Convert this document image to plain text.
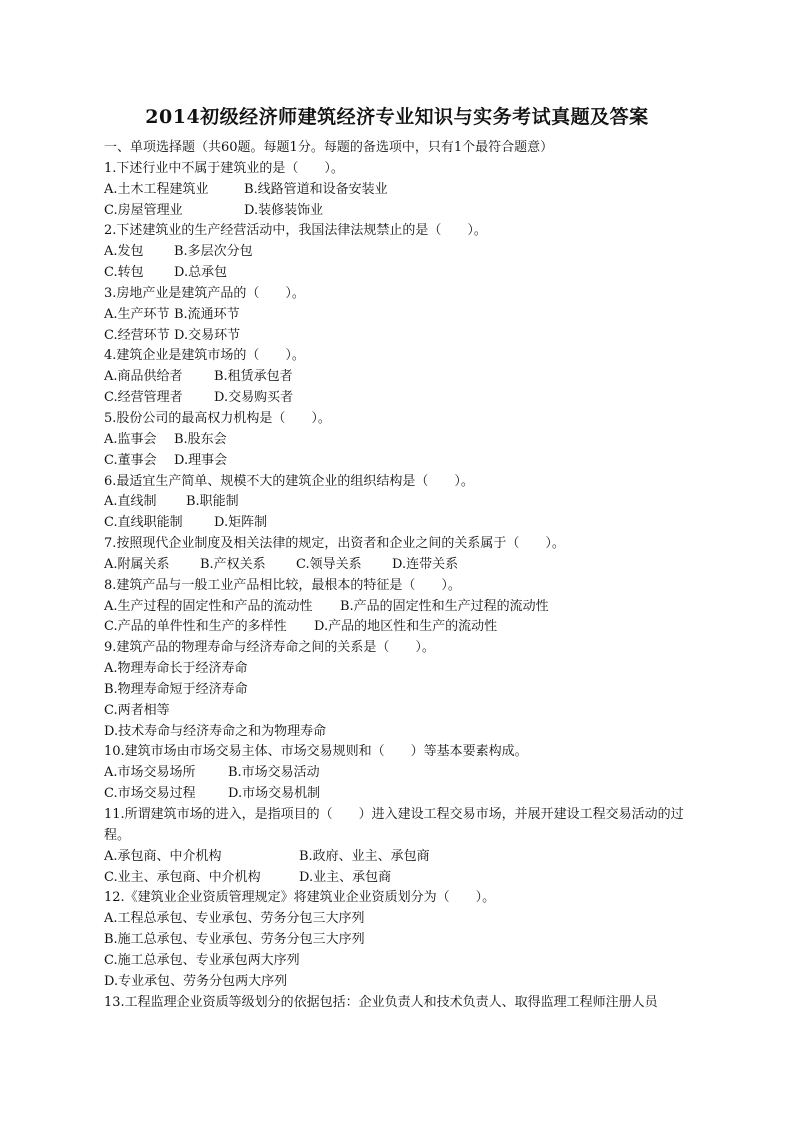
2014初级经济师建筑经济专业知识与实务考试真题及答案
一、单项选择题（共60题。每题1分。每题的备选项中，只有1个最符合题意）
1.下述行业中不属于建筑业的是（　　）。
A.土木工程建筑业	B.线路管道和设备安装业
C.房屋管理业	D.装修装饰业
2.下述建筑业的生产经营活动中，我国法律法规禁止的是（　　）。
A.发包 B.多层次分包
C.转包 D.总承包
3.房地产业是建筑产品的（　　）。
A.生产环节 B.流通环节
C.经营环节 D.交易环节
4.建筑企业是建筑市场的（　　）。
A.商品供给者 B.租赁承包者
C.经营管理者 D.交易购买者
5.股份公司的最高权力机构是（　　）。
A.监事会 B.股东会
C.董事会 D.理事会
6.最适宜生产简单、规模不大的建筑企业的组织结构是（　　）。
A.直线制 B.职能制
C.直线职能制 D.矩阵制
7.按照现代企业制度及相关法律的规定，出资者和企业之间的关系属于（　　）。
A.附属关系 B.产权关系 C.领导关系 D.连带关系
8.建筑产品与一般工业产品相比较，最根本的特征是（　　）。
A.生产过程的固定性和产品的流动性 B.产品的固定性和生产过程的流动性
C.产品的单件性和生产的多样性 D.产品的地区性和生产的流动性
9.建筑产品的物理寿命与经济寿命之间的关系是（　　）。
A.物理寿命长于经济寿命
B.物理寿命短于经济寿命
C.两者相等
D.技术寿命与经济寿命之和为物理寿命
10.建筑市场由市场交易主体、市场交易规则和（　　）等基本要素构成。
A.市场交易场所 B.市场交易活动
C.市场交易过程 D.市场交易机制
11.所谓建筑市场的进入，是指项目的（　　）进入建设工程交易市场，并展开建设工程交易活动的过程。
A.承包商、中介机构	B.政府、业主、承包商
C.业主、承包商、中介机构	D.业主、承包商
12.《建筑业企业资质管理规定》将建筑业企业资质划分为（　　）。
A.工程总承包、专业承包、劳务分包三大序列
B.施工总承包、专业承包、劳务分包三大序列
C.施工总承包、专业承包两大序列
D.专业承包、劳务分包两大序列
13.工程监理企业资质等级划分的依据包括：企业负责人和技术负责人、取得监理工程师注册人员
